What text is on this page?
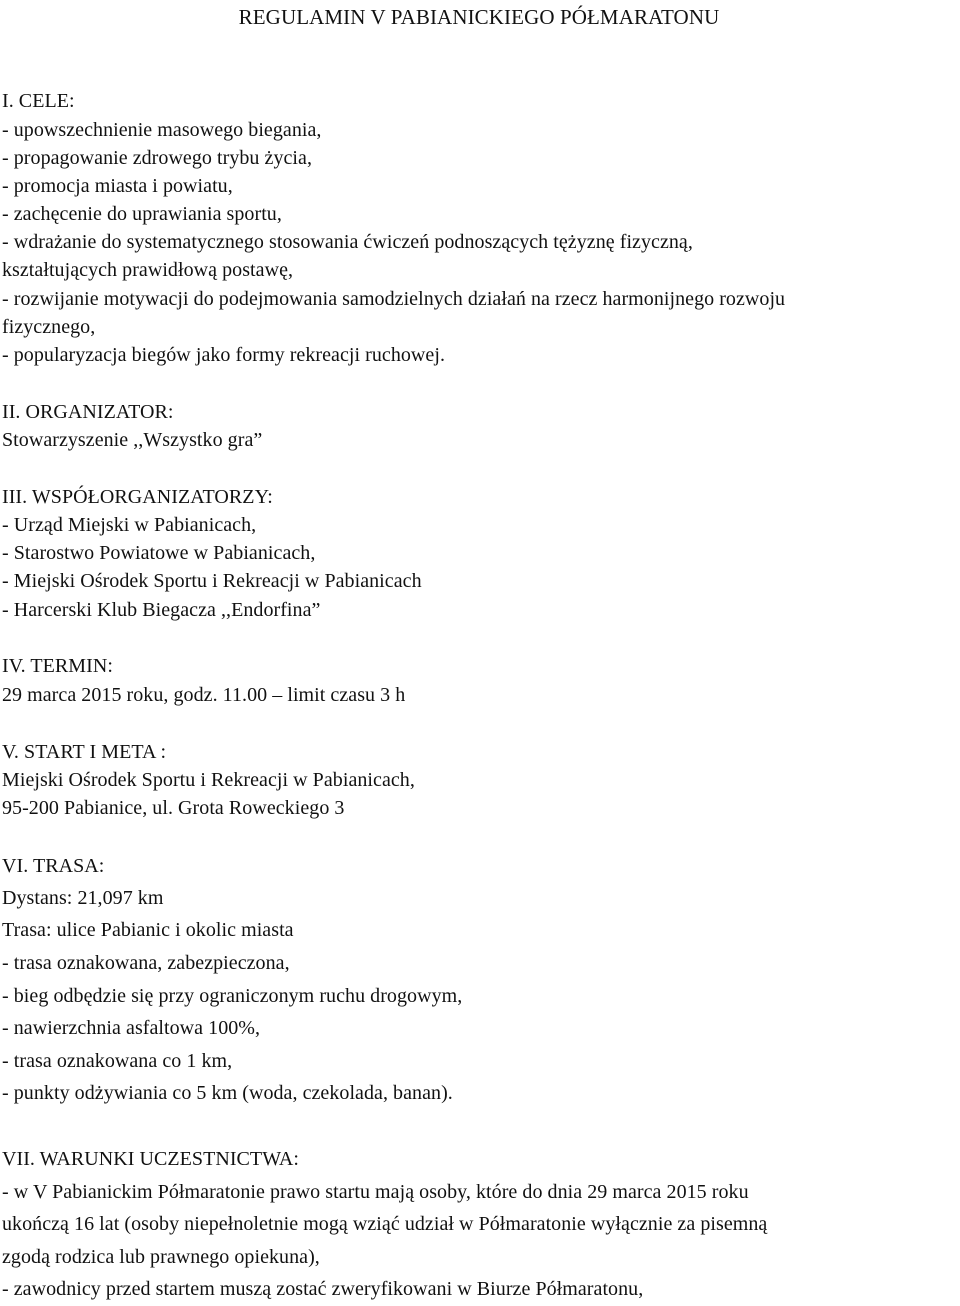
REGULAMIN V PABIANICKIEGO PÓŁMARATONU
I. CELE:
- upowszechnienie masowego biegania,
- propagowanie zdrowego trybu życia,
- promocja miasta i powiatu,
- zachęcenie do uprawiania sportu,
- wdrażanie do systematycznego stosowania ćwiczeń podnoszących tężyznę fizyczną,
kształtujących prawidłową postawę,
- rozwijanie motywacji do podejmowania samodzielnych działań na rzecz harmonijnego rozwoju
fizycznego,
- popularyzacja biegów jako formy rekreacji ruchowej.
II. ORGANIZATOR:
Stowarzyszenie ,,Wszystko gra”
III. WSPÓŁORGANIZATORZY:
- Urząd Miejski w Pabianicach,
- Starostwo Powiatowe w Pabianicach,
- Miejski Ośrodek Sportu i Rekreacji w Pabianicach
- Harcerski Klub Biegacza ,,Endorfina”
IV. TERMIN:
29 marca 2015 roku, godz. 11.00 – limit czasu 3 h
V. START I META :
Miejski Ośrodek Sportu i Rekreacji w Pabianicach,
95-200 Pabianice, ul. Grota Roweckiego 3
VI. TRASA:
Dystans: 21,097 km
Trasa: ulice Pabianic i okolic miasta
- trasa oznakowana, zabezpieczona,
- bieg odbędzie się przy ograniczonym ruchu drogowym,
- nawierzchnia asfaltowa 100%,
- trasa oznakowana co 1 km,
- punkty odżywiania co 5 km (woda, czekolada, banan).
VII. WARUNKI UCZESTNICTWA:
- w V Pabianickim Półmaratonie prawo startu mają osoby, które do dnia 29 marca 2015 roku
ukończą 16 lat (osoby niepełnoletnie mogą wziąć udział w Półmaratonie wyłącznie za pisemną
zgodą rodzica lub prawnego opiekuna),
- zawodnicy przed startem muszą zostać zweryfikowani w Biurze Półmaratonu,
